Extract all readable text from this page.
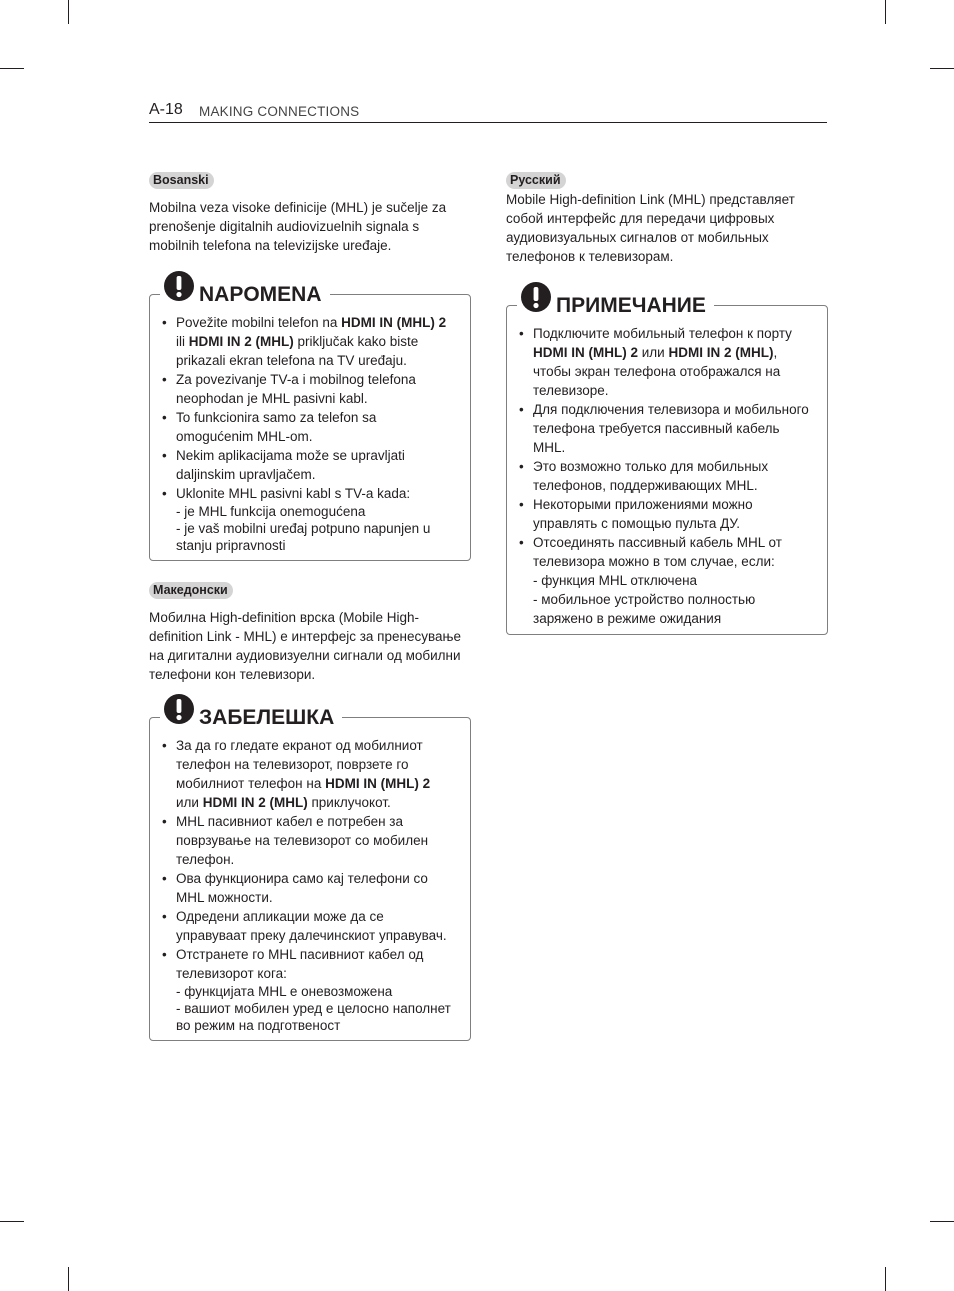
A-18 MAKING CONNECTIONS
Bosanski

Mobilna veza visoke definicije (MHL) je sučelje za prenošenje digitalnih audiovizuelnih signala s mobilnih telefona na televizijske uređaje.

NAPOMENA
• Povežite mobilni telefon na HDMI IN (MHL) 2 ili HDMI IN 2 (MHL) priključak kako biste prikazali ekran telefona na TV uređaju.
• Za povezivanje TV-a i mobilnog telefona neophodan je MHL pasivni kabl.
• To funkcionira samo za telefon sa omogućenim MHL-om.
• Nekim aplikacijama može se upravljati daljinskim upravljačem.
• Uklonite MHL pasivni kabl s TV-a kada:
- je MHL funkcija onemogućena
- je vaš mobilni uređaj potpuno napunjen u stanju pripravnosti
Македонски

Мобилна High-definition врска (Mobile High-definition Link - MHL) е интерфејс за пренесување на дигитални аудиовизуелни сигнали од мобилни телефони кон телевизори.

ЗАБЕЛЕШКА
• За да го гледате екранот од мобилниот телефон на телевизорот, поврзете го мобилниот телефон на HDMI IN (MHL) 2 или HDMI IN 2 (MHL) приклучокот.
• MHL пасивниот кабел е потребен за поврзување на телевизорот со мобилен телефон.
• Ова функционира само кај телефони со MHL можности.
• Одредени апликации може да се управуваат преку далечинскиот управувач.
• Отстранете го MHL пасивниот кабел од телевизорот кога:
- функцијата MHL е оневозможена
- вашиот мобилен уред е целосно наполнет во режим на подготвеност
Русский

Mobile High-definition Link (MHL) представляет собой интерфейс для передачи цифровых аудиовизуальных сигналов от мобильных телефонов к телевизорам.

ПРИМЕЧАНИЕ
• Подключите мобильный телефон к порту HDMI IN (MHL) 2 или HDMI IN 2 (MHL), чтобы экран телефона отображался на телевизоре.
• Для подключения телевизора и мобильного телефона требуется пассивный кабель MHL.
• Это возможно только для мобильных телефонов, поддерживающих MHL.
• Некоторыми приложениями можно управлять с помощью пульта ДУ.
• Отсоединять пассивный кабель MHL от телевизора можно в том случае, если:
- функция MHL отключена
- мобильное устройство полностью заряжено в режиме ожидания
